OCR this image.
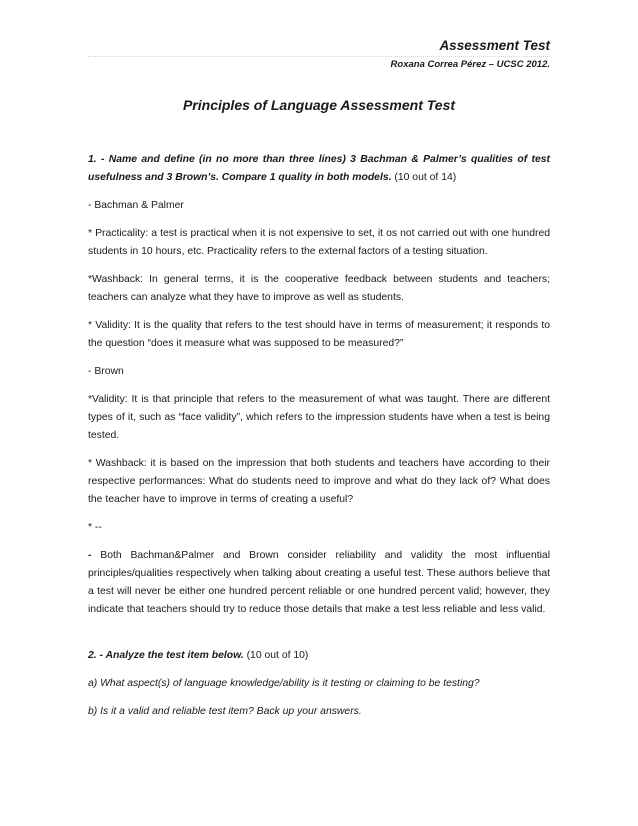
Assessment Test
Roxana Correa Pérez – UCSC 2012.
Principles of Language Assessment Test

1. - Name and define (in no more than three lines) 3 Bachman & Palmer’s qualities of test usefulness and 3 Brown’s. Compare 1 quality in both models. (10 out of 14)

- Bachman & Palmer

* Practicality: a test is practical when it is not expensive to set, it os not carried out with one hundred students in 10 hours, etc. Practicality refers to the external factors of a testing situation.

*Washback: In general terms, it is the cooperative feedback between students and teachers; teachers can analyze what they have to improve as well as students.

* Validity: It is the quality that refers to the test should have in terms of measurement; it responds to the question “does it measure what was supposed to be measured?”

- Brown

*Validity: It is that principle that refers to the measurement of what was taught. There are different types of it, such as “face validity”, which refers to the impression students have when a test is being tested.

* Washback: it is based on the impression that both students and teachers have according to their respective performances: What do students need to improve and what do they lack of? What does the teacher have to improve in terms of creating a useful?

* --

- Both Bachman&Palmer and Brown consider reliability and validity the most influential principles/qualities respectively when talking about creating a useful test. These authors believe that a test will never be either one hundred percent reliable or one hundred percent valid; however, they indicate that teachers should try to reduce those details that make a test less reliable and less valid.

2. - Analyze the test item below. (10 out of 10)

a) What aspect(s) of language knowledge/ability is it testing or claiming to be testing?

b) Is it a valid and reliable test item? Back up your answers.
